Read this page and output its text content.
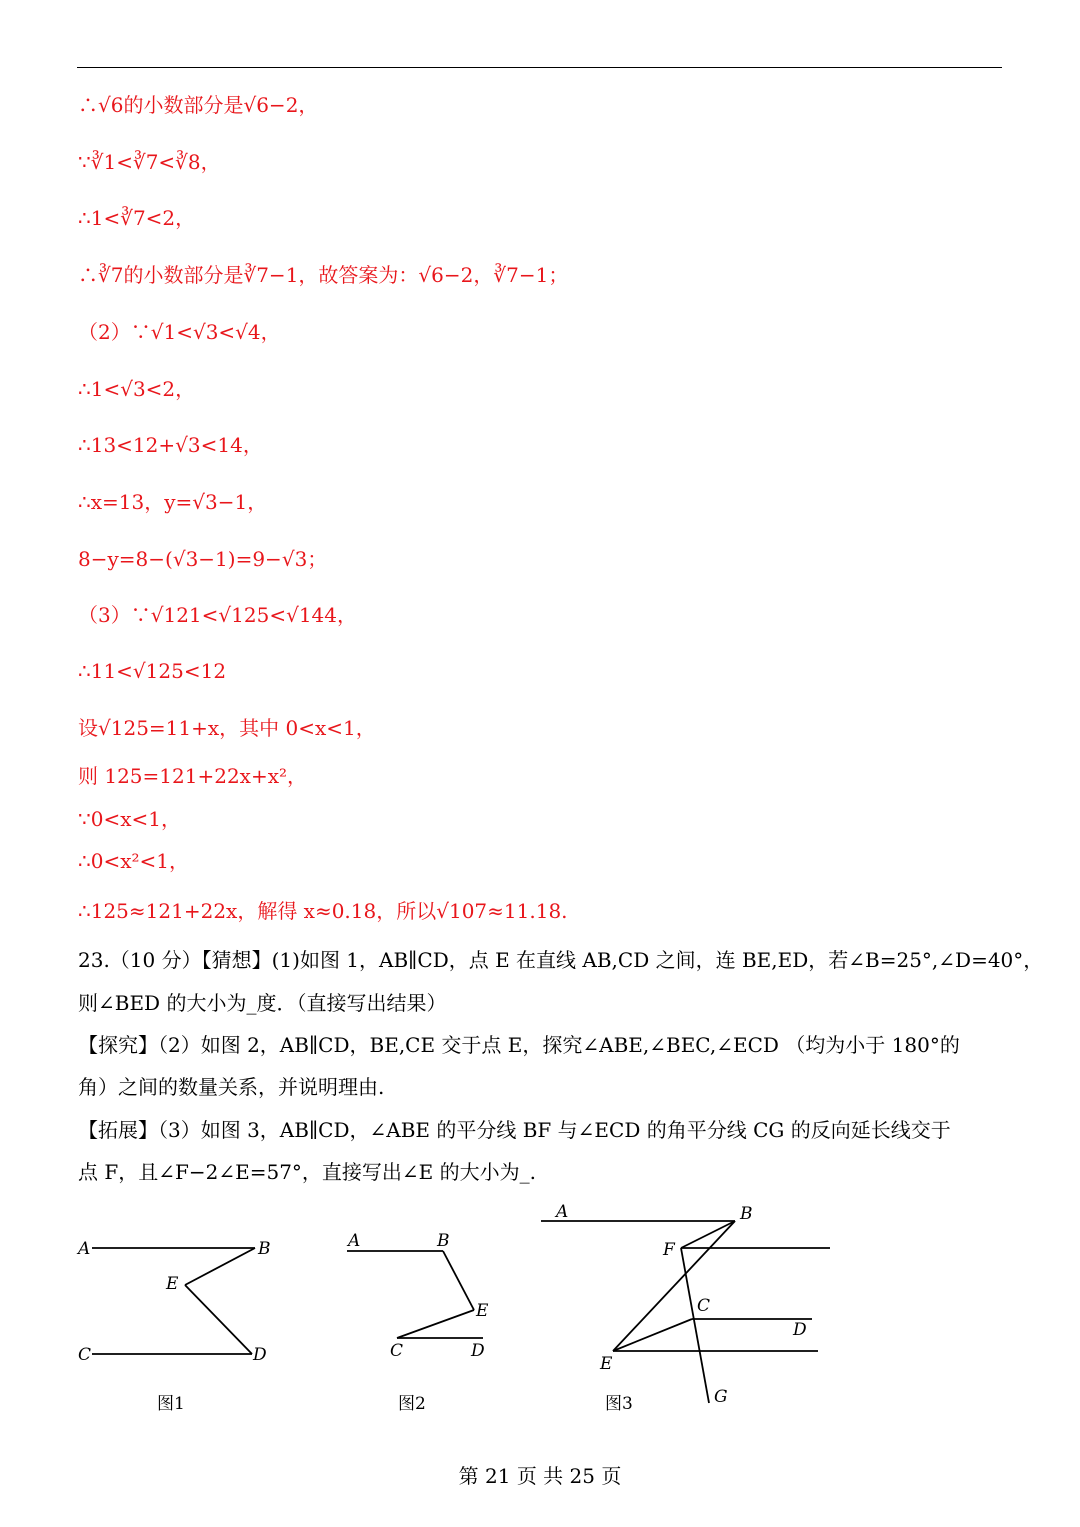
∴√6的小数部分是√6−2，
∵∛1<∛7<∛8，
∴1<∛7<2，
∴∛7的小数部分是∛7−1，故答案为：√6−2，∛7−1；
（2）∵√1<√3<√4，
∴1<√3<2，
∴13<12+√3<14，
∴x=13，y=√3−1，
8−y=8−(√3−1)=9−√3；
（3）∵√121<√125<√144，
∴11<√125<12
设√125=11+x，其中 0<x<1，
则 125=121+22x+x²，
∵0<x<1，
∴0<x²<1，
∴125≈121+22x，解得 x≈0.18，所以√107≈11.18.
23.（10 分）【猜想】(1)如图 1，AB∥CD，点 E 在直线 AB,CD 之间，连 BE,ED，若∠B=25°,∠D=40°，
则∠BED 的大小为_度．（直接写出结果）
【探究】（2）如图 2，AB∥CD，BE,CE 交于点 E，探究∠ABE,∠BEC,∠ECD （均为小于 180°的
角）之间的数量关系，并说明理由.
【拓展】（3）如图 3，AB∥CD，∠ABE 的平分线 BF 与∠ECD 的角平分线 CG 的反向延长线交于
点 F，且∠F−2∠E=57°，直接写出∠E 的大小为_.
A	B
E
C	D
A	B
E
C	D
A	B
F
C
D
E
G
图1	图2	图3
第 21 页 共 25 页
